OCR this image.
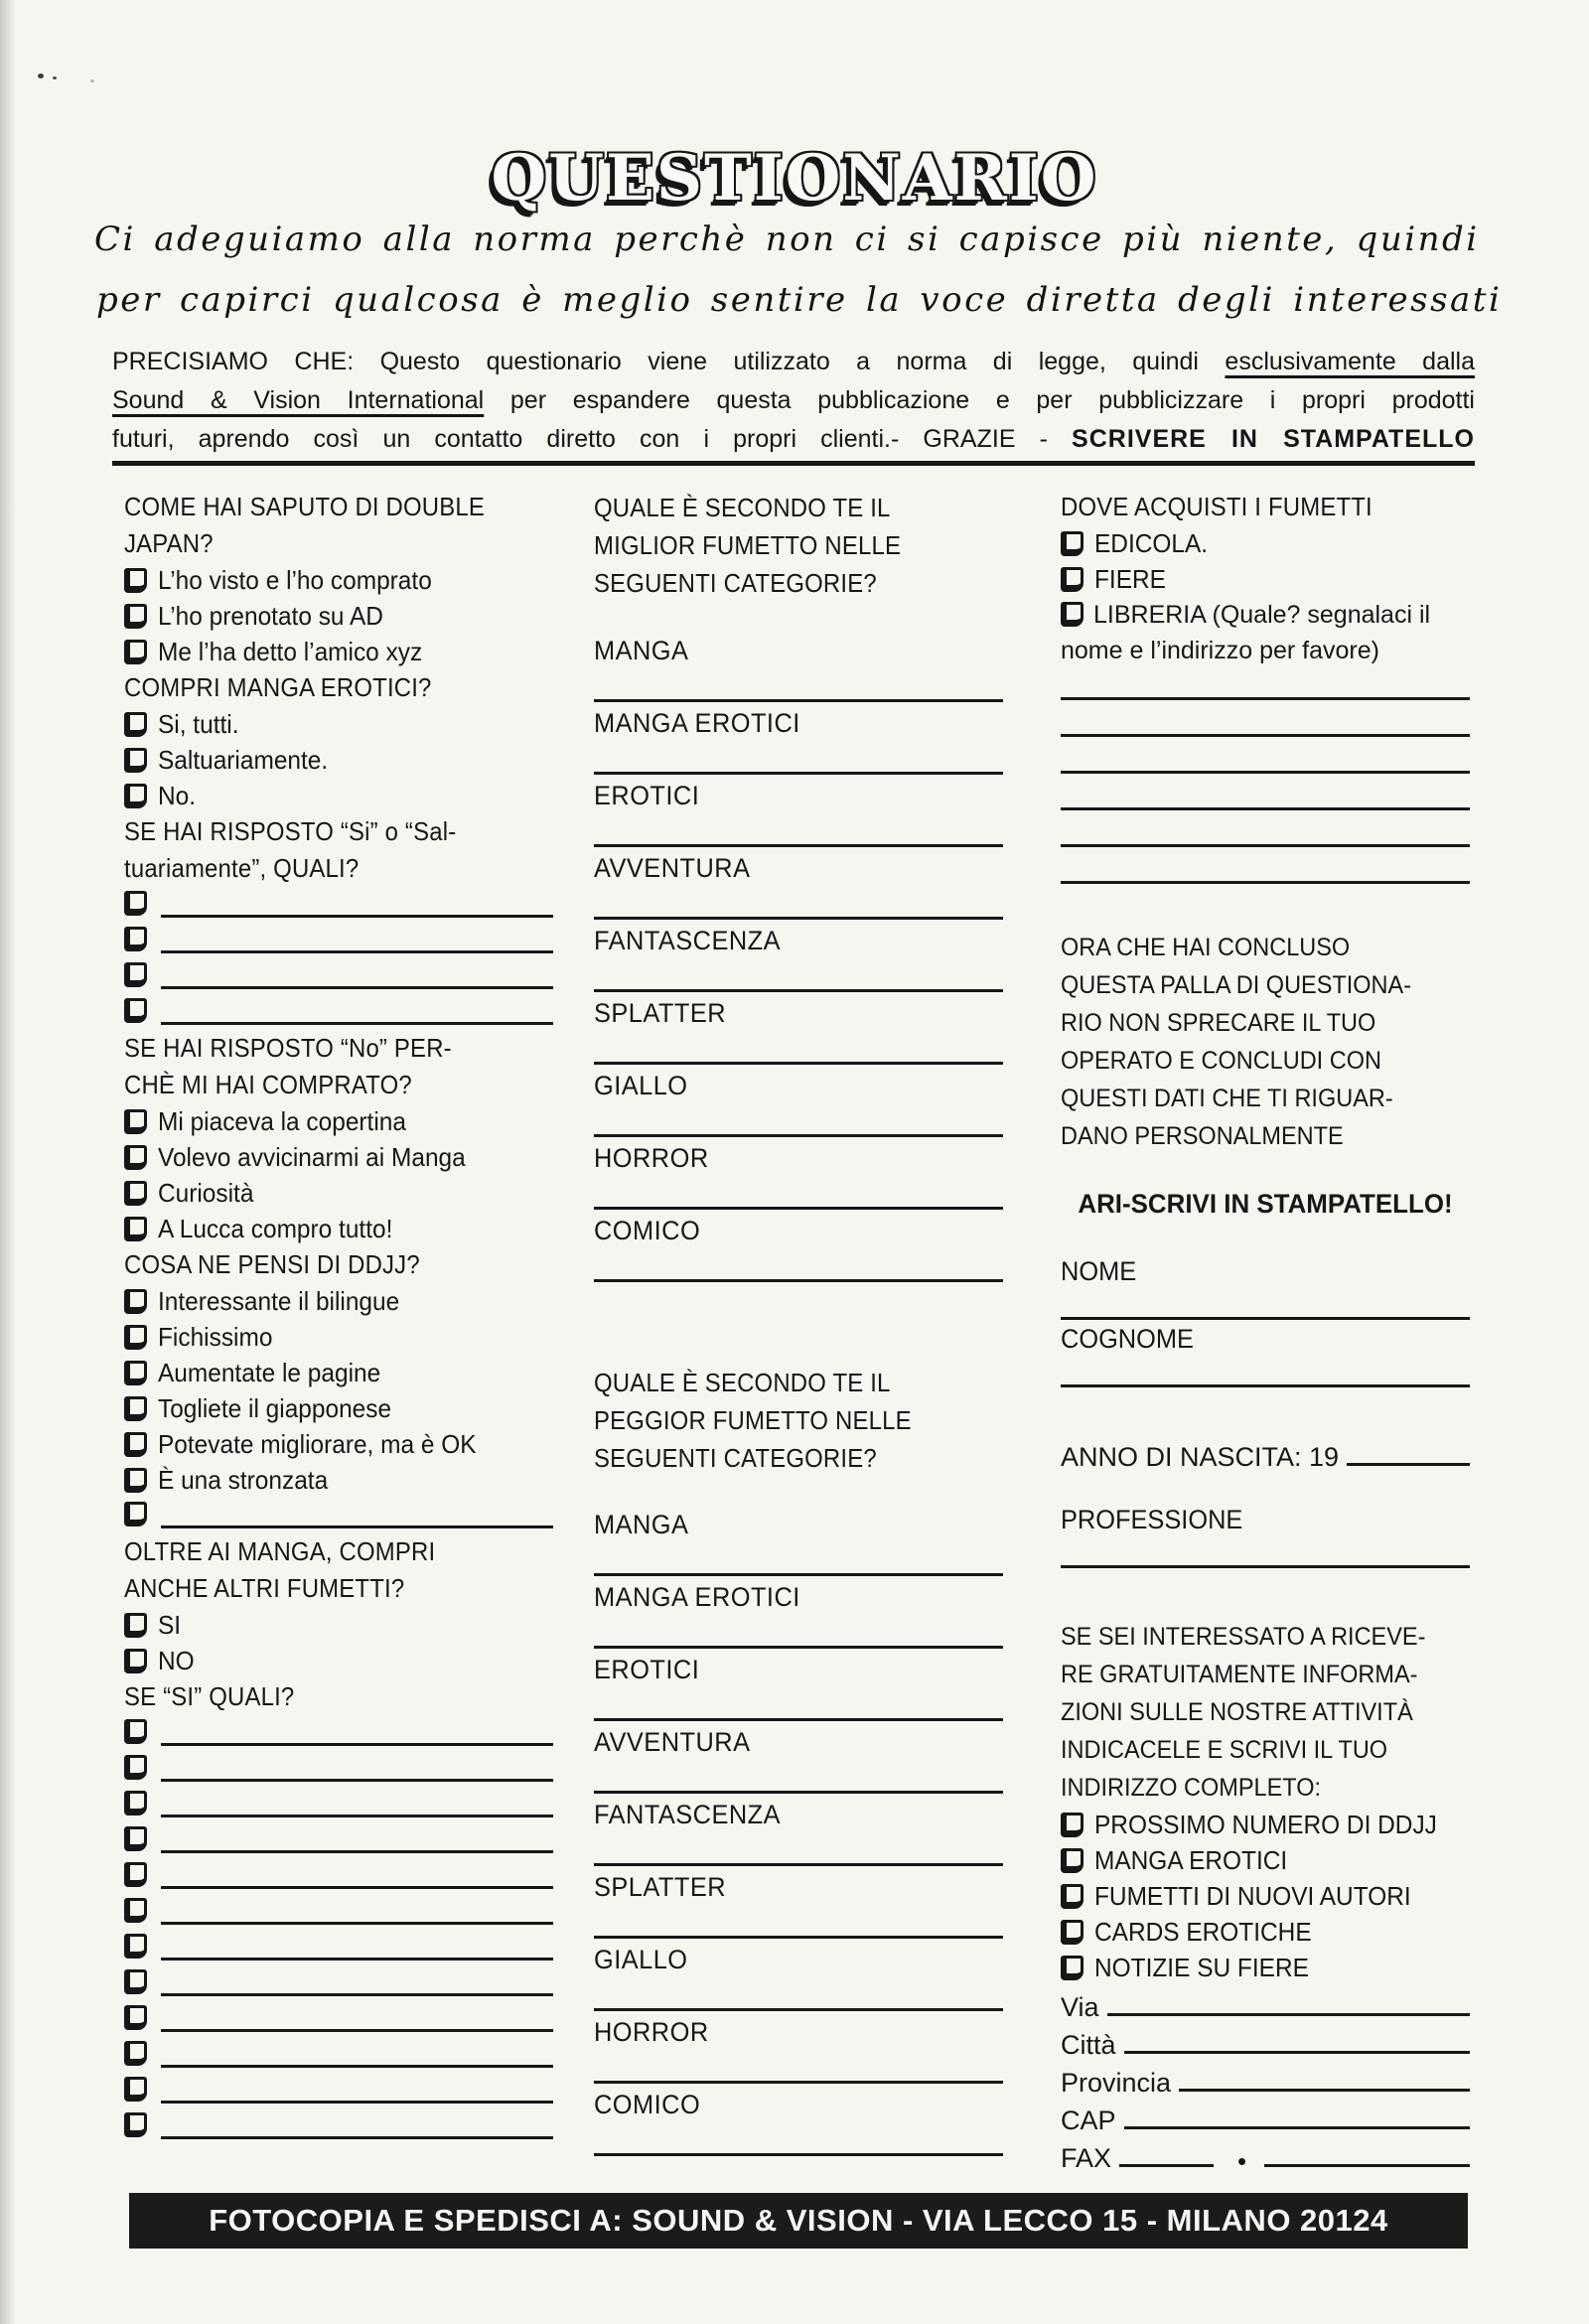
QUESTIONARIO
Ci adeguiamo alla norma perchè non ci si capisce più niente, quindi
per capirci qualcosa è meglio sentire la voce diretta degli interessati
PRECISIAMO CHE: Questo questionario viene utilizzato a norma di legge, quindi esclusivamente dalla
Sound & Vision International per espandere questa pubblicazione e per pubblicizzare i propri prodotti
futuri, aprendo così un contatto diretto con i propri clienti.- GRAZIE - SCRIVERE IN STAMPATELLO
COME HAI SAPUTO DI DOUBLE
JAPAN?
L’ho visto e l’ho comprato
L’ho prenotato su AD
Me l’ha detto l’amico xyz
COMPRI MANGA EROTICI?
Si, tutti.
Saltuariamente.
No.
SE HAI RISPOSTO “Si” o “Sal-
tuariamente”, QUALI?
SE HAI RISPOSTO “No” PER-
CHÈ MI HAI COMPRATO?
Mi piaceva la copertina
Volevo avvicinarmi ai Manga
Curiosità
A Lucca compro tutto!
COSA NE PENSI DI DDJJ?
Interessante il bilingue
Fichissimo
Aumentate le pagine
Togliete il giapponese
Potevate migliorare, ma è OK
È una stronzata
OLTRE AI MANGA, COMPRI
ANCHE ALTRI FUMETTI?
SI
NO
SE “SI” QUALI?
QUALE È SECONDO TE IL
MIGLIOR FUMETTO NELLE
SEGUENTI CATEGORIE?
MANGA
MANGA EROTICI
EROTICI
AVVENTURA
FANTASCENZA
SPLATTER
GIALLO
HORROR
COMICO
QUALE È SECONDO TE IL
PEGGIOR FUMETTO NELLE
SEGUENTI CATEGORIE?
MANGA
MANGA EROTICI
EROTICI
AVVENTURA
FANTASCENZA
SPLATTER
GIALLO
HORROR
COMICO
DOVE ACQUISTI I FUMETTI
EDICOLA.
FIERE
LIBRERIA (Quale? segnalaci il
nome e l’indirizzo per favore)
ORA CHE HAI CONCLUSO
QUESTA PALLA DI QUESTIONA-
RIO NON SPRECARE IL TUO
OPERATO E CONCLUDI CON
QUESTI DATI CHE TI RIGUAR-
DANO PERSONALMENTE
ARI-SCRIVI IN STAMPATELLO!
NOME
COGNOME
ANNO DI NASCITA: 19
PROFESSIONE
SE SEI INTERESSATO A RICEVE-
RE GRATUITAMENTE INFORMA-
ZIONI SULLE NOSTRE ATTIVITÀ
INDICACELE E SCRIVI IL TUO
INDIRIZZO COMPLETO:
PROSSIMO NUMERO DI DDJJ
MANGA EROTICI
FUMETTI DI NUOVI AUTORI
CARDS EROTICHE
NOTIZIE SU FIERE
Via
Città
Provincia
CAP
FAX	•
FOTOCOPIA E SPEDISCI A: SOUND & VISION - VIA LECCO 15 - MILANO 20124
